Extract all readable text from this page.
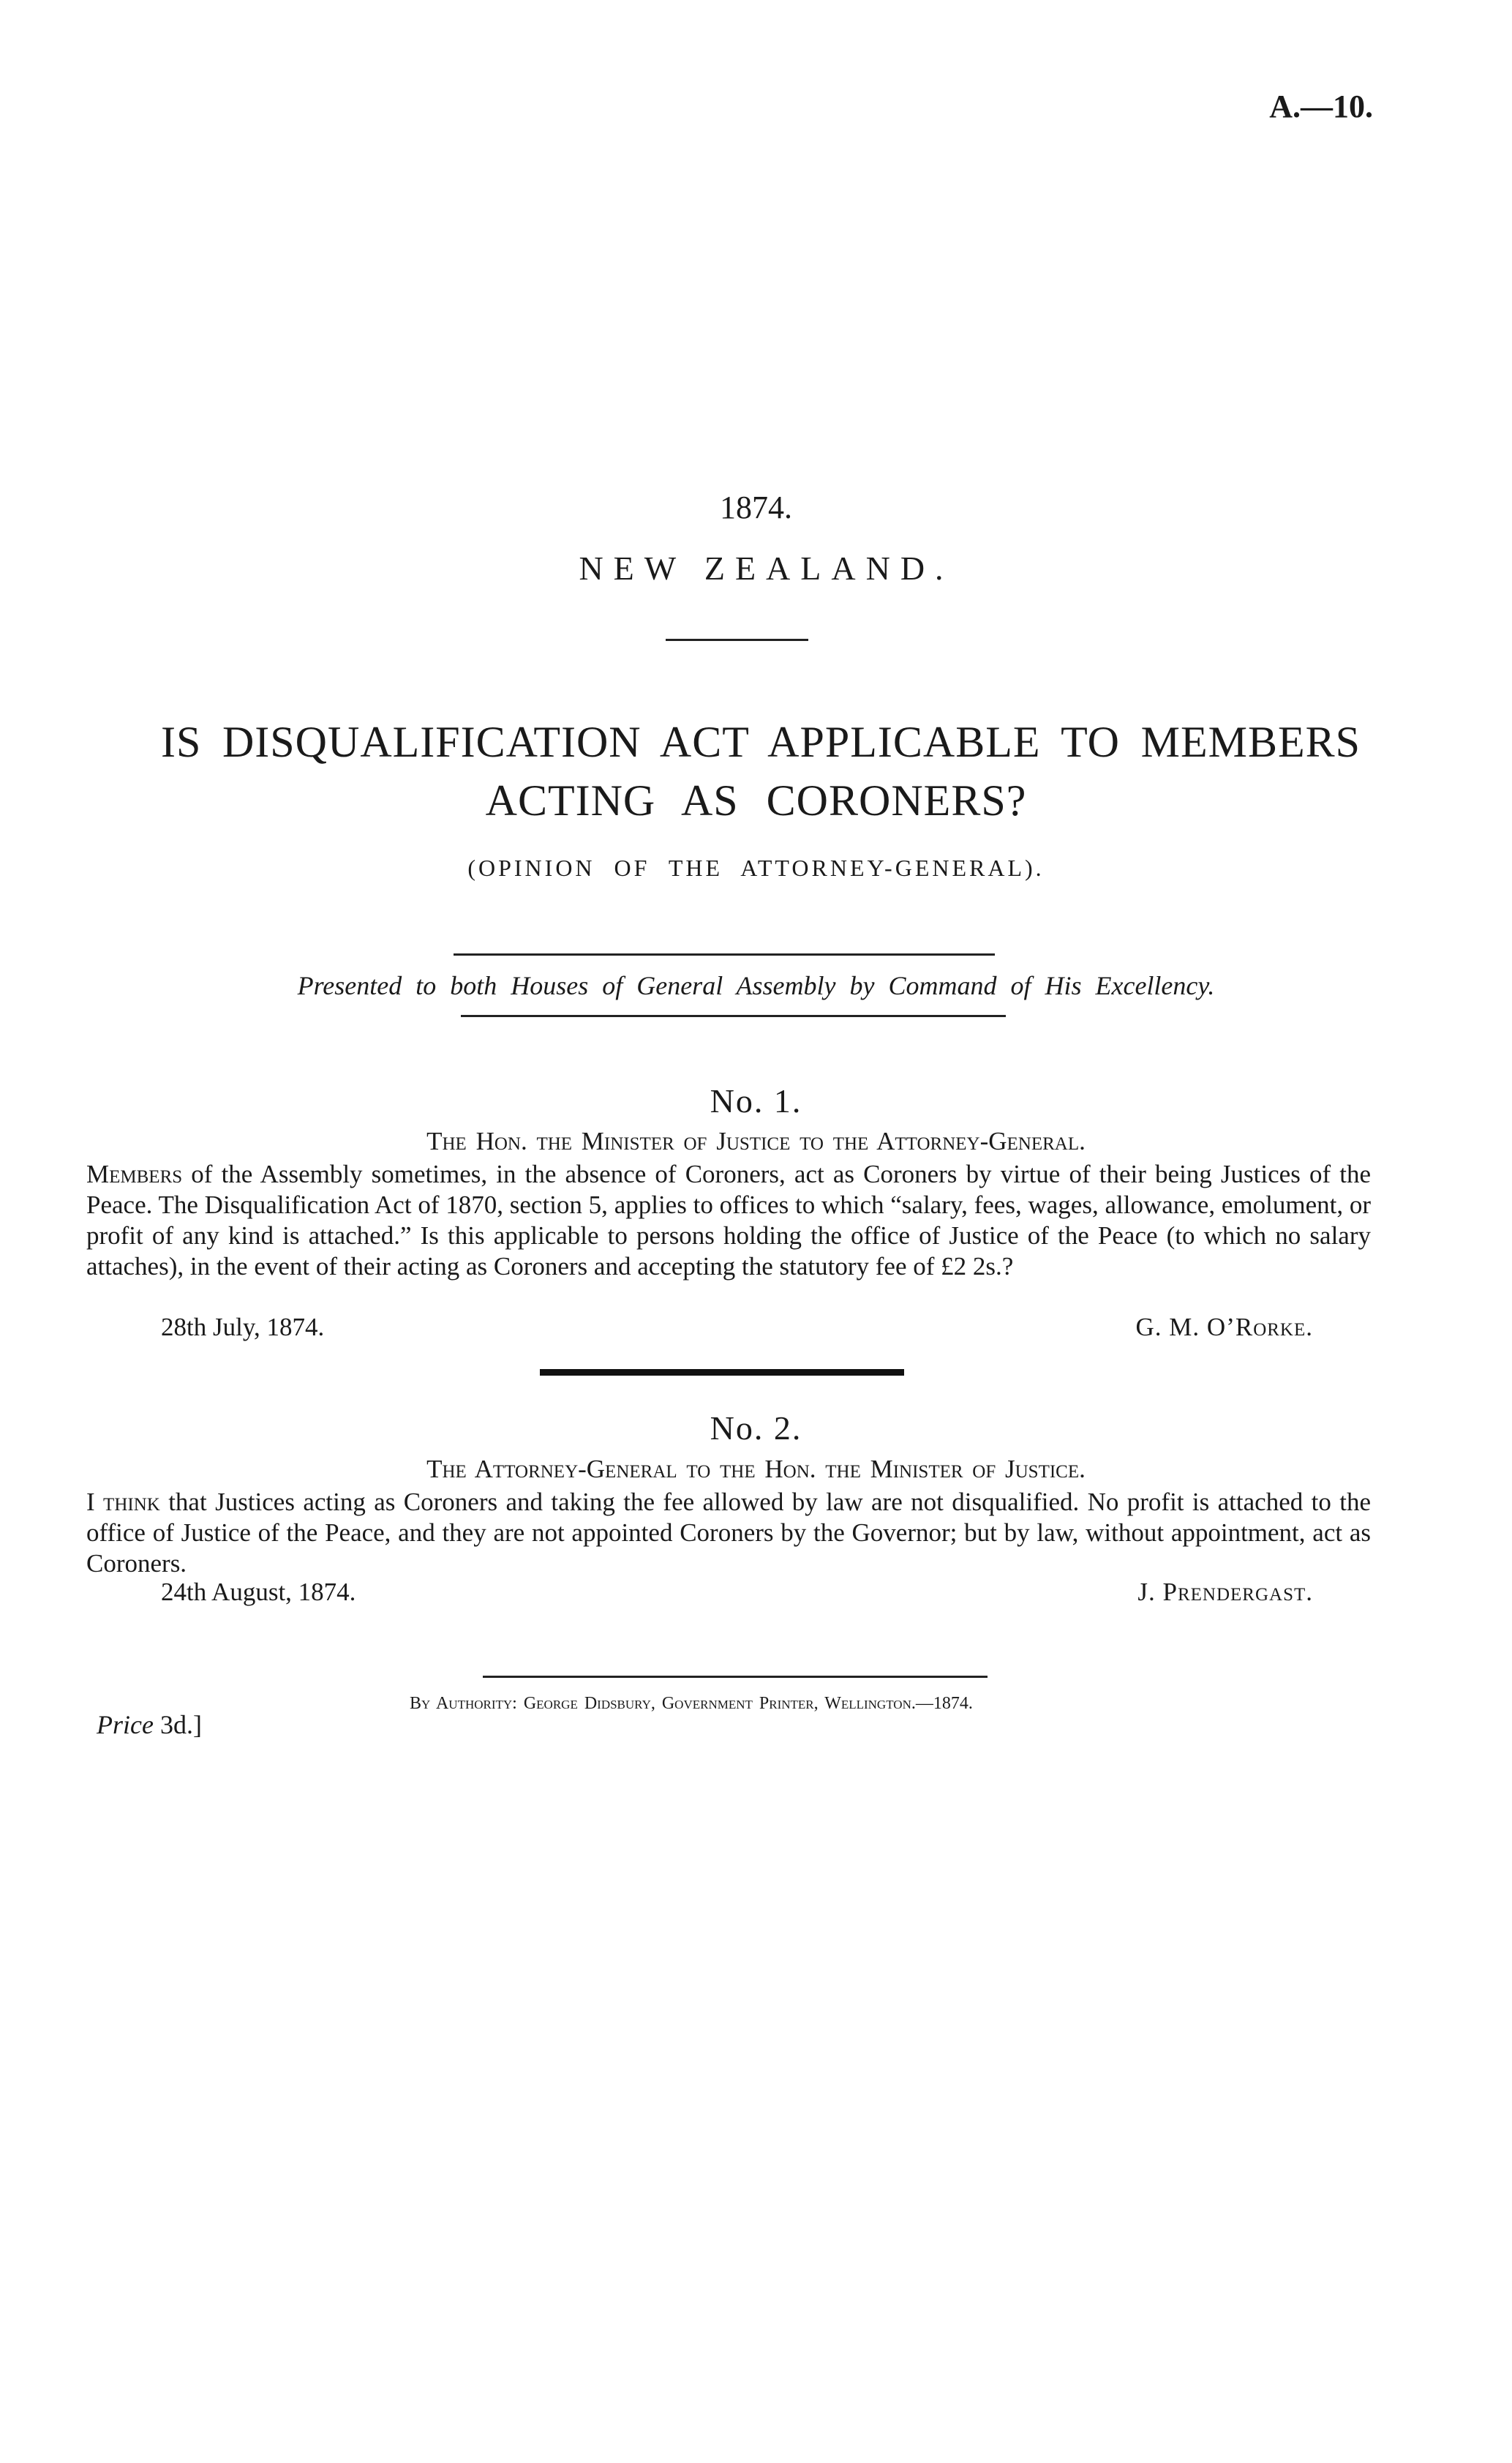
A.—10.
1874.
NEW ZEALAND.
IS DISQUALIFICATION ACT APPLICABLE TO MEMBERS
ACTING AS CORONERS?
(OPINION OF THE ATTORNEY-GENERAL).
Presented to both Houses of General Assembly by Command of His Excellency.
No. 1.
The Hon. the Minister of Justice to the Attorney-General.
Members of the Assembly sometimes, in the absence of Coroners, act as Coroners by virtue of their being Justices of the Peace. The Disqualification Act of 1870, section 5, applies to offices to which “salary, fees, wages, allowance, emolument, or profit of any kind is attached.” Is this applicable to persons holding the office of Justice of the Peace (to which no salary attaches), in the event of their acting as Coroners and accepting the statutory fee of £2 2s.?
28th July, 1874.	G. M. O’Rorke.
No. 2.
The Attorney-General to the Hon. the Minister of Justice.
I think that Justices acting as Coroners and taking the fee allowed by law are not disqualified. No profit is attached to the office of Justice of the Peace, and they are not appointed Coroners by the Governor; but by law, without appointment, act as Coroners.
24th August, 1874.	J. Prendergast.
By Authority: George Didsbury, Government Printer, Wellington.—1874.
Price 3d.]
